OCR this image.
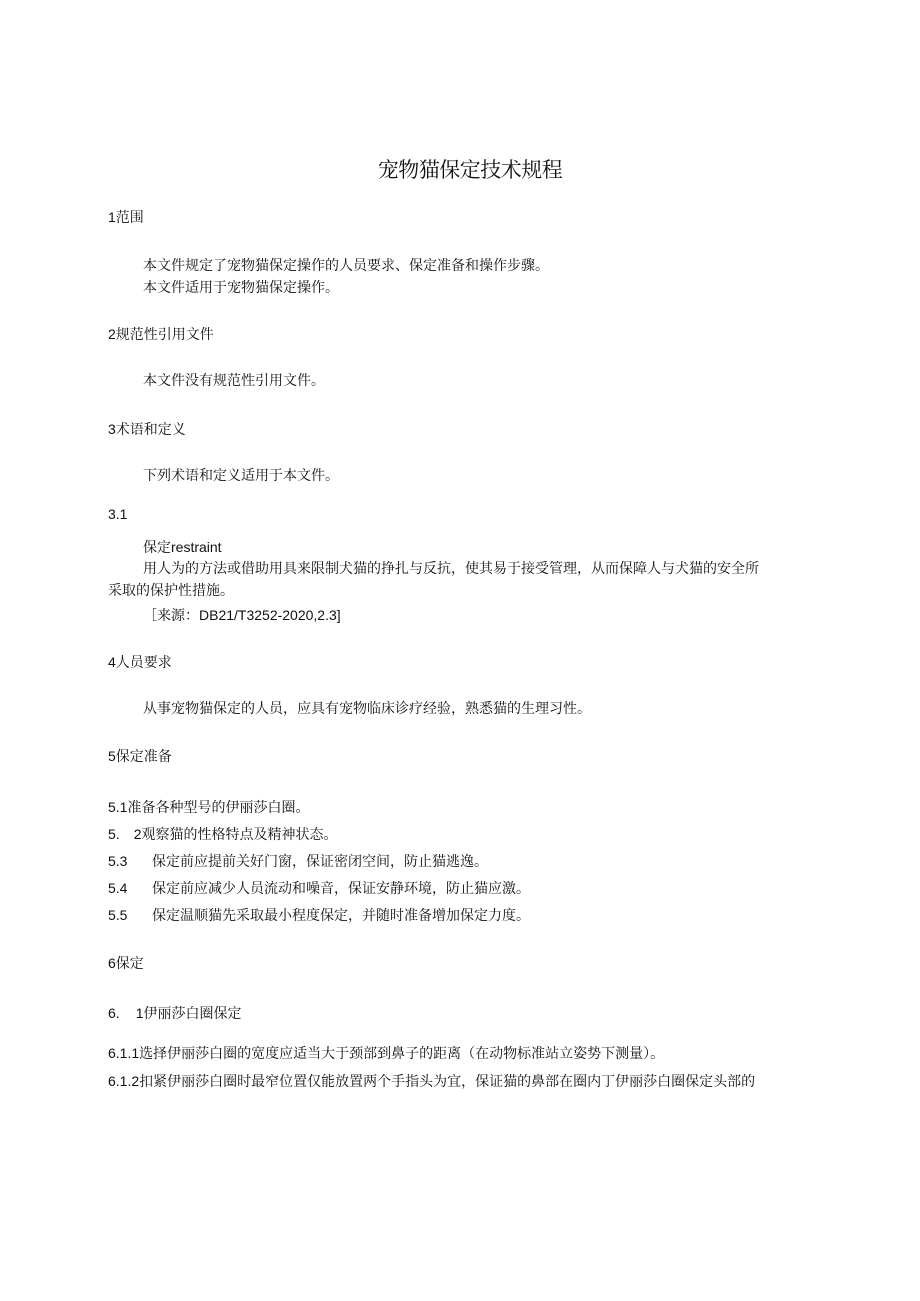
宠物猫保定技术规程
1范围
本文件规定了宠物猫保定操作的人员要求、保定准备和操作步骤。
本文件适用于宠物猫保定操作。
2规范性引用文件
本文件没有规范性引用文件。
3术语和定义
下列术语和定义适用于本文件。
3.1
保定restraint
用人为的方法或借助用具来限制犬猫的挣扎与反抗，使其易于接受管理，从而保障人与犬猫的安全所
采取的保护性措施。
［来源：DB21/T3252-2020,2.3]
4人员要求
从事宠物猫保定的人员，应具有宠物临床诊疗经验，熟悉猫的生理习性。
5保定准备
5.1准备各种型号的伊丽莎白圈。
5. 2观察猫的性格特点及精神状态。
5.3 保定前应提前关好门窗，保证密闭空间，防止猫逃逸。
5.4 保定前应减少人员流动和噪音，保证安静环境，防止猫应激。
5.5 保定温顺猫先采取最小程度保定，并随时准备增加保定力度。
6保定
6. 1伊丽莎白圈保定
6.1.1选择伊丽莎白圈的宽度应适当大于颈部到鼻子的距离（在动物标准站立姿势下测量）。
6.1.2扣紧伊丽莎白圈时最窄位置仅能放置两个手指头为宜，保证猫的鼻部在圈内丁伊丽莎白圈保定头部的
